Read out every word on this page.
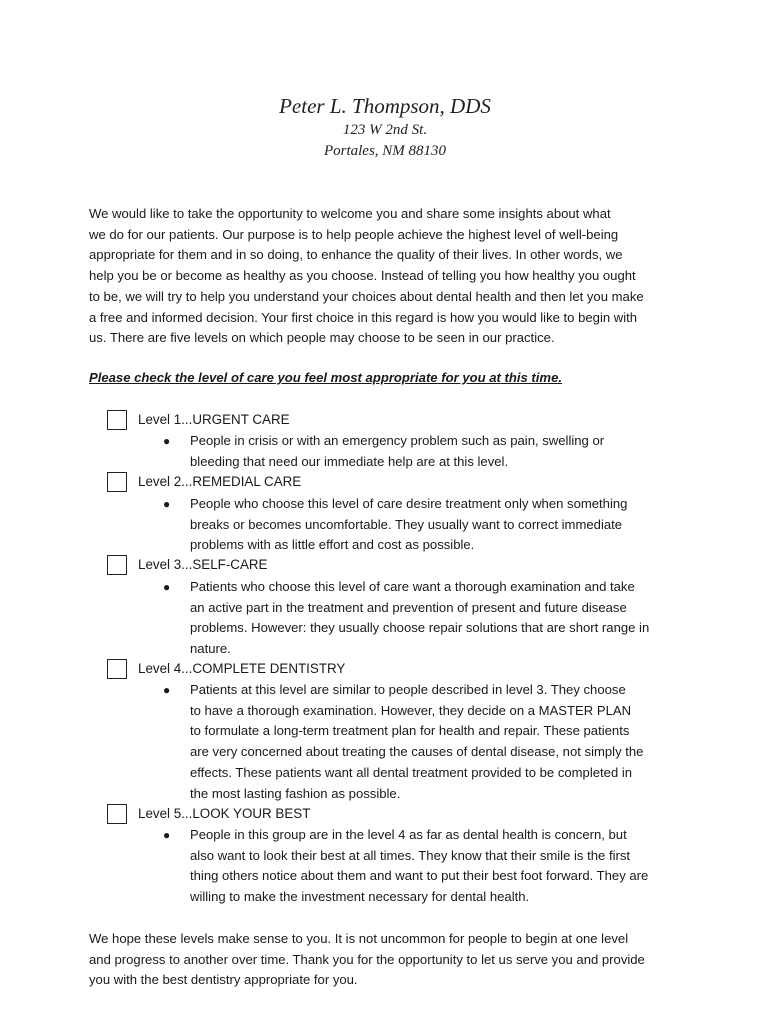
Peter L. Thompson, DDS
123 W 2nd St.
Portales, NM 88130
We would like to take the opportunity to welcome you and share some insights about what
we do for our patients. Our purpose is to help people achieve the highest level of well-being
appropriate for them and in so doing, to enhance the quality of their lives. In other words, we
help you be or become as healthy as you choose. Instead of telling you how healthy you ought
to be, we will try to help you understand your choices about dental health and then let you make
a free and informed decision. Your first choice in this regard is how you would like to begin with
us. There are five levels on which people may choose to be seen in our practice.
Please check the level of care you feel most appropriate for you at this time.
Level 1...URGENT CARE
● People in crisis or with an emergency problem such as pain, swelling or
bleeding that need our immediate help are at this level.
Level 2...REMEDIAL CARE
● People who choose this level of care desire treatment only when something
breaks or becomes uncomfortable. They usually want to correct immediate
problems with as little effort and cost as possible.
Level 3...SELF-CARE
● Patients who choose this level of care want a thorough examination and take
an active part in the treatment and prevention of present and future disease
problems. However: they usually choose repair solutions that are short range in
nature.
Level 4...COMPLETE DENTISTRY
● Patients at this level are similar to people described in level 3. They choose
to have a thorough examination. However, they decide on a MASTER PLAN
to formulate a long-term treatment plan for health and repair. These patients
are very concerned about treating the causes of dental disease, not simply the
effects. These patients want all dental treatment provided to be completed in
the most lasting fashion as possible.
Level 5...LOOK YOUR BEST
● People in this group are in the level 4 as far as dental health is concern, but
also want to look their best at all times. They know that their smile is the first
thing others notice about them and want to put their best foot forward. They are
willing to make the investment necessary for dental health.
We hope these levels make sense to you. It is not uncommon for people to begin at one level
and progress to another over time. Thank you for the opportunity to let us serve you and provide
you with the best dentistry appropriate for you.
